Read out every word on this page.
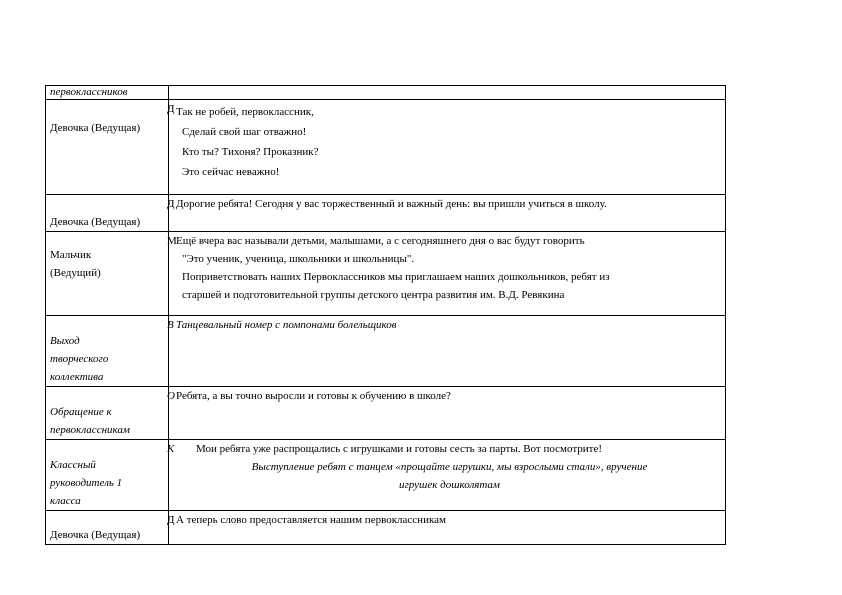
первоклассников	
Девочка (Ведущая)	Д Так не робей, первоклассник,
Сделай свой шаг отважно!
Кто ты? Тихоня? Проказник?
Это сейчас неважно!

Девочка (Ведущая)	Д Дорогие ребята! Сегодня у вас торжественный и важный день: вы пришли учиться в школу.

Мальчик
(Ведущий)	М Ещё вчера вас называли детьми, малышами, а с сегодняшнего дня о вас будут говорить
"Это ученик, ученица, школьники и школьницы".
Поприветствовать наших Первоклассников мы приглашаем наших дошкольников, ребят из
старшей и подготовительной группы детского центра развития им. В.Д. Ревякина

Выход
творческого
коллектива	В Танцевальный номер с помпонами болельщиков

Обращение к
первоклассникам	О Ребята, а вы точно выросли и готовы к обучению в школе?

Классный
руководитель 1
класса	К Мои ребята уже распрощались с игрушками и готовы сесть за парты. Вот посмотрите!
Выступление ребят с танцем «прощайте игрушки, мы взрослыми стали», вручение
игрушек дошколятам

Девочка (Ведущая)	Д А теперь слово предоставляется нашим первоклассникам
